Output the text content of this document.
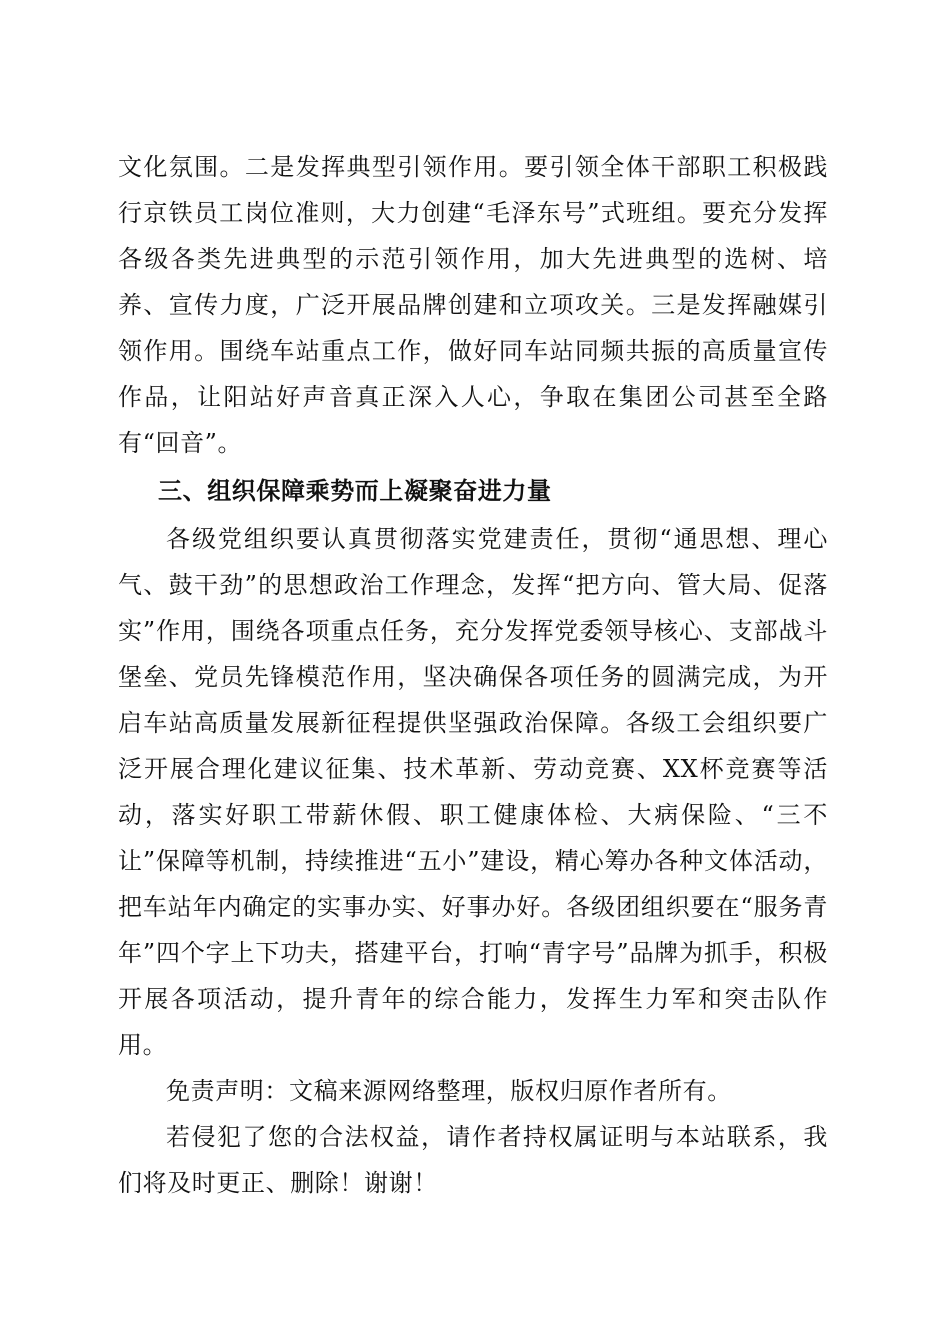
文化氛围。二是发挥典型引领作用。要引领全体干部职工积极践行京铁员工岗位准则，大力创建“毛泽东号”式班组。要充分发挥各级各类先进典型的示范引领作用，加大先进典型的选树、培养、宣传力度，广泛开展品牌创建和立项攻关。三是发挥融媒引领作用。围绕车站重点工作，做好同车站同频共振的高质量宣传作品，让阳站好声音真正深入人心，争取在集团公司甚至全路有“回音”。

三、组织保障乘势而上凝聚奋进力量

各级党组织要认真贯彻落实党建责任，贯彻“通思想、理心气、鼓干劲”的思想政治工作理念，发挥“把方向、管大局、促落实”作用，围绕各项重点任务，充分发挥党委领导核心、支部战斗堡垒、党员先锋模范作用，坚决确保各项任务的圆满完成，为开启车站高质量发展新征程提供坚强政治保障。各级工会组织要广泛开展合理化建议征集、技术革新、劳动竞赛、XX杯竞赛等活动，落实好职工带薪休假、职工健康体检、大病保险、“三不让”保障等机制，持续推进“五小”建设，精心筹办各种文体活动，把车站年内确定的实事办实、好事办好。各级团组织要在“服务青年”四个字上下功夫，搭建平台，打响“青字号”品牌为抓手，积极开展各项活动，提升青年的综合能力，发挥生力军和突击队作用。

免责声明：文稿来源网络整理，版权归原作者所有。

若侵犯了您的合法权益，请作者持权属证明与本站联系，我们将及时更正、删除！谢谢！
